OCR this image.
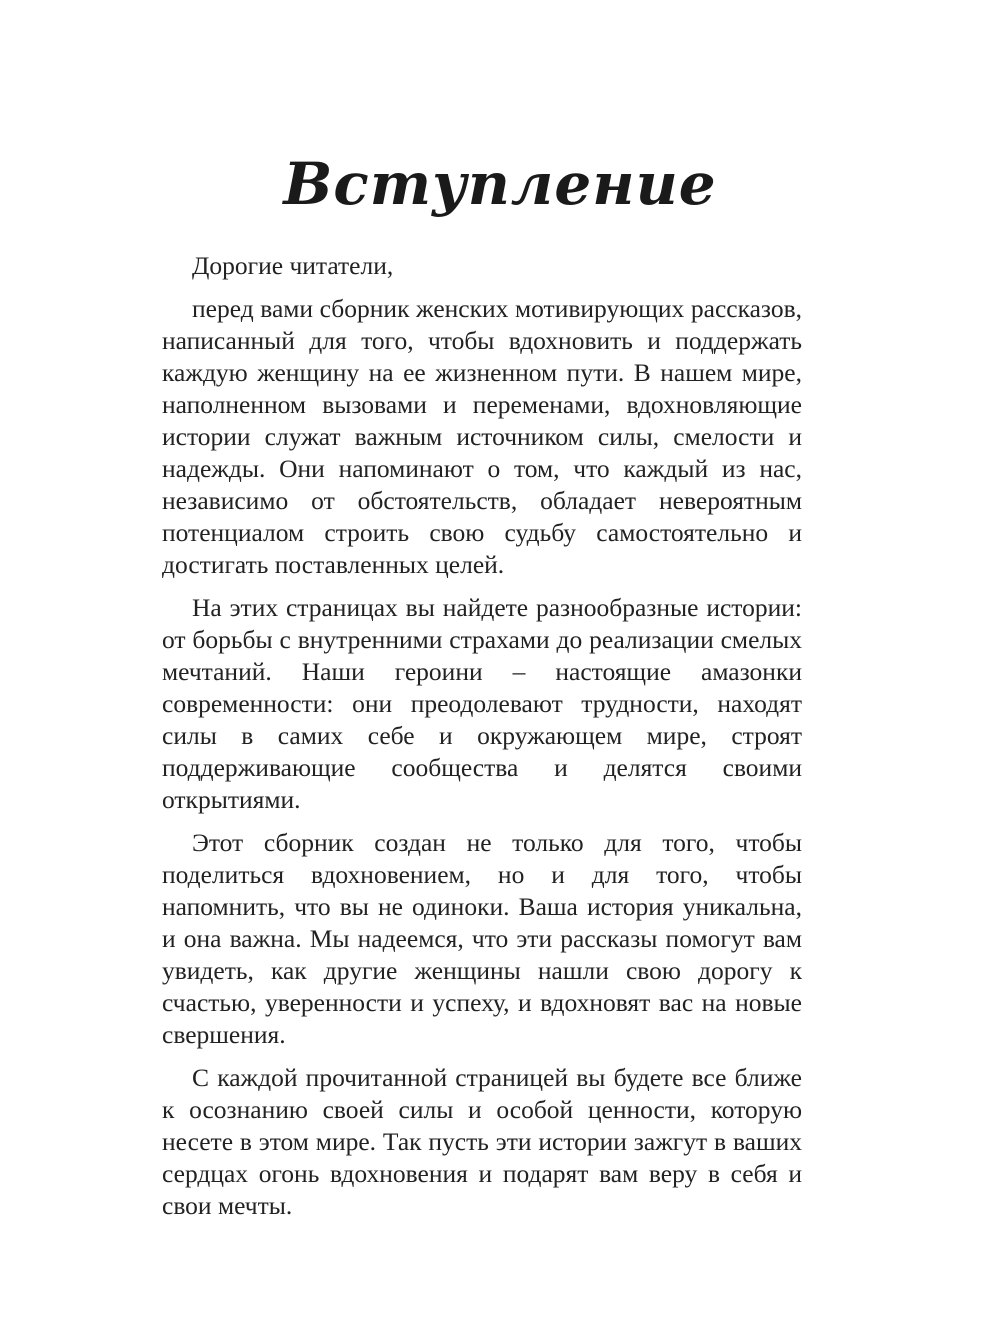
Вступление

Дорогие читатели,

перед вами сборник женских мотивирующих рассказов, написанный для того, чтобы вдохновить и поддержать каждую женщину на ее жизненном пути. В нашем мире, наполненном вызовами и переменами, вдохновляющие истории служат важным источником силы, смелости и надежды. Они напоминают о том, что каждый из нас, независимо от обстоятельств, обладает невероятным потенциалом строить свою судьбу самостоятельно и достигать поставленных целей.

На этих страницах вы найдете разнообразные истории: от борьбы с внутренними страхами до реализации смелых мечтаний. Наши героини – настоящие амазонки современности: они преодолевают трудности, находят силы в самих себе и окружающем мире, строят поддерживающие сообщества и делятся своими открытиями.

Этот сборник создан не только для того, чтобы поделиться вдохновением, но и для того, чтобы напомнить, что вы не одиноки. Ваша история уникальна, и она важна. Мы надеемся, что эти рассказы помогут вам увидеть, как другие женщины нашли свою дорогу к счастью, уверенности и успеху, и вдохновят вас на новые свершения.

С каждой прочитанной страницей вы будете все ближе к осознанию своей силы и особой ценности, которую несете в этом мире. Так пусть эти истории зажгут в ваших сердцах огонь вдохновения и подарят вам веру в себя и свои мечты.
